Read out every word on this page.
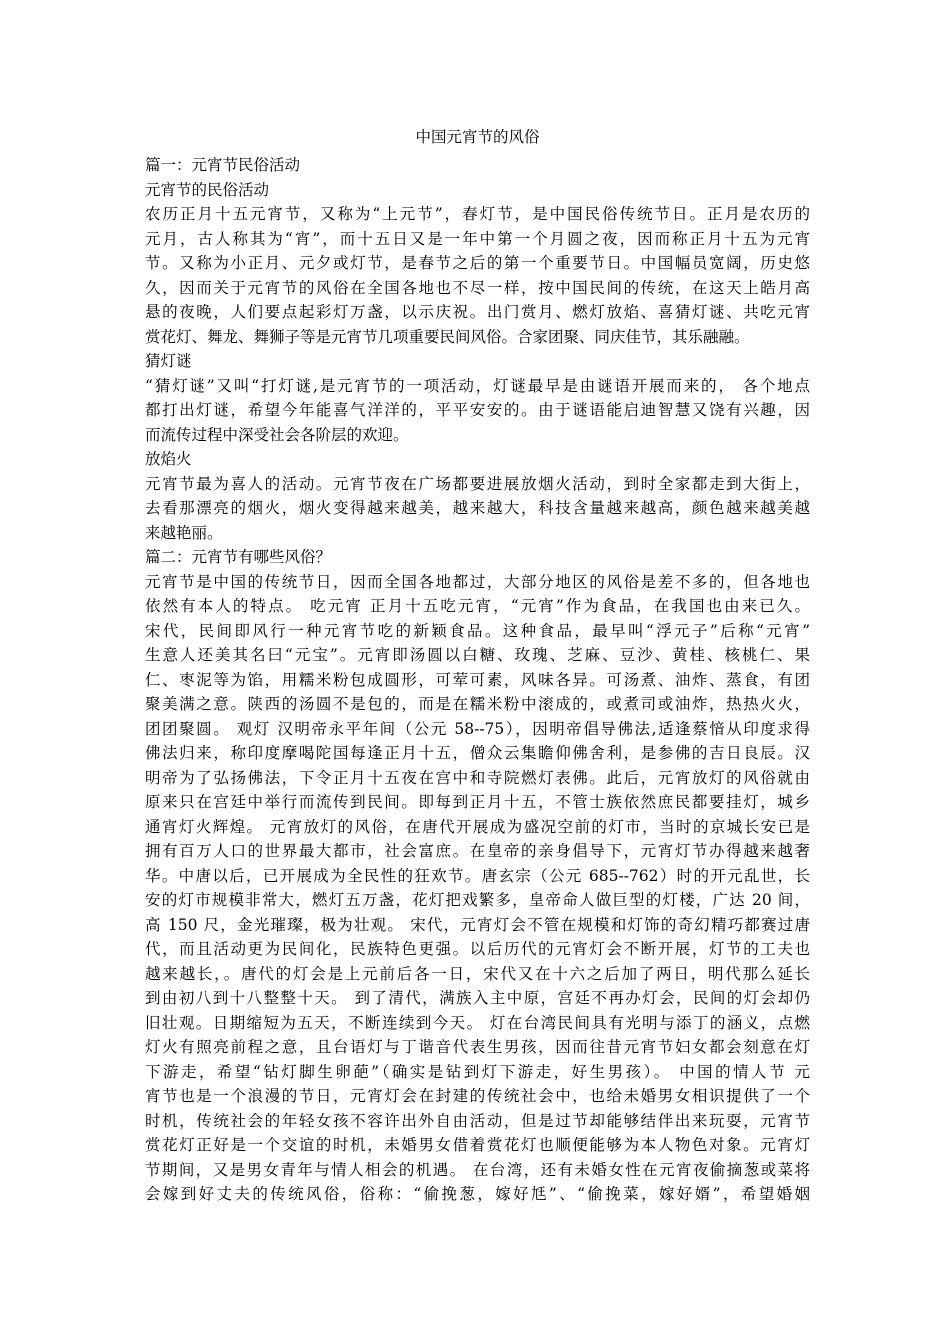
中国元宵节的风俗

篇一：元宵节民俗活动

元宵节的民俗活动

农历正月十五元宵节，又称为“上元节”，春灯节，是中国民俗传统节日。正月是农历的

元月，古人称其为“宵”，而十五日又是一年中第一个月圆之夜，因而称正月十五为元宵

节。又称为小正月、元夕或灯节，是春节之后的第一个重要节日。中国幅员宽阔，历史悠

久，因而关于元宵节的风俗在全国各地也不尽一样，按中国民间的传统，在这天上皓月高

悬的夜晚，人们要点起彩灯万盏，以示庆祝。出门赏月、燃灯放焰、喜猜灯谜、共吃元宵

赏花灯、舞龙、舞狮子等是元宵节几项重要民间风俗。合家团聚、同庆佳节，其乐融融。

猜灯谜

“猜灯谜”又叫“打灯谜,是元宵节的一项活动，灯谜最早是由谜语开展而来的， 各个地点

都打出灯谜，希望今年能喜气洋洋的，平平安安的。由于谜语能启迪智慧又饶有兴趣，因

而流传过程中深受社会各阶层的欢迎。

放焰火

元宵节最为喜人的活动。元宵节夜在广场都要进展放烟火活动，到时全家都走到大街上，

去看那漂亮的烟火，烟火变得越来越美，越来越大，科技含量越来越高，颜色越来越美越

来越艳丽。

篇二：元宵节有哪些风俗？

元宵节是中国的传统节日，因而全国各地都过，大部分地区的风俗是差不多的，但各地也

依然有本人的特点。 吃元宵 正月十五吃元宵，“元宵”作为食品，在我国也由来已久。

宋代，民间即风行一种元宵节吃的新颖食品。这种食品，最早叫“浮元子”后称“元宵”

生意人还美其名曰“元宝”。元宵即汤圆以白糖、玫瑰、芝麻、豆沙、黄桂、核桃仁、果

仁、枣泥等为馅，用糯米粉包成圆形，可荤可素，风味各异。可汤煮、油炸、蒸食，有团

聚美满之意。陕西的汤圆不是包的，而是在糯米粉中滚成的，或煮司或油炸，热热火火，

团团聚圆。 观灯 汉明帝永平年间（公元 58--75），因明帝倡导佛法,适逢蔡愔从印度求得

佛法归来，称印度摩喝陀国每逢正月十五，僧众云集瞻仰佛舍利，是参佛的吉日良辰。汉

明帝为了弘扬佛法，下令正月十五夜在宫中和寺院燃灯表佛。此后，元宵放灯的风俗就由

原来只在宫廷中举行而流传到民间。即每到正月十五，不管士族依然庶民都要挂灯，城乡

通宵灯火辉煌。 元宵放灯的风俗，在唐代开展成为盛况空前的灯市，当时的京城长安已是

拥有百万人口的世界最大都市，社会富庶。在皇帝的亲身倡导下，元宵灯节办得越来越奢

华。中唐以后，已开展成为全民性的狂欢节。唐玄宗（公元 685--762）时的开元乱世，长

安的灯市规模非常大，燃灯五万盏，花灯把戏繁多，皇帝命人做巨型的灯楼，广达 20 间，

高 150 尺，金光璀璨，极为壮观。 宋代，元宵灯会不管在规模和灯饰的奇幻精巧都赛过唐

代，而且活动更为民间化，民族特色更强。以后历代的元宵灯会不断开展，灯节的工夫也

越来越长，。唐代的灯会是上元前后各一日，宋代又在十六之后加了两日，明代那么延长

到由初八到十八整整十天。 到了清代，满族入主中原，宫廷不再办灯会，民间的灯会却仍

旧壮观。日期缩短为五天，不断连续到今天。 灯在台湾民间具有光明与添丁的涵义，点燃

灯火有照亮前程之意，且台语灯与丁谐音代表生男孩，因而往昔元宵节妇女都会刻意在灯

下游走，希望“钻灯脚生卵葩”（确实是钻到灯下游走，好生男孩）。 中国的情人节 元

宵节也是一个浪漫的节日，元宵灯会在封建的传统社会中，也给未婚男女相识提供了一个

时机，传统社会的年轻女孩不容许出外自由活动，但是过节却能够结伴出来玩耍，元宵节

赏花灯正好是一个交谊的时机，未婚男女借着赏花灯也顺便能够为本人物色对象。元宵灯

节期间，又是男女青年与情人相会的机遇。 在台湾，还有未婚女性在元宵夜偷摘葱或菜将

会嫁到好丈夫的传统风俗，俗称：“偷挽葱，嫁好尪”、“偷挽菜，嫁好婿”，希望婚姻
